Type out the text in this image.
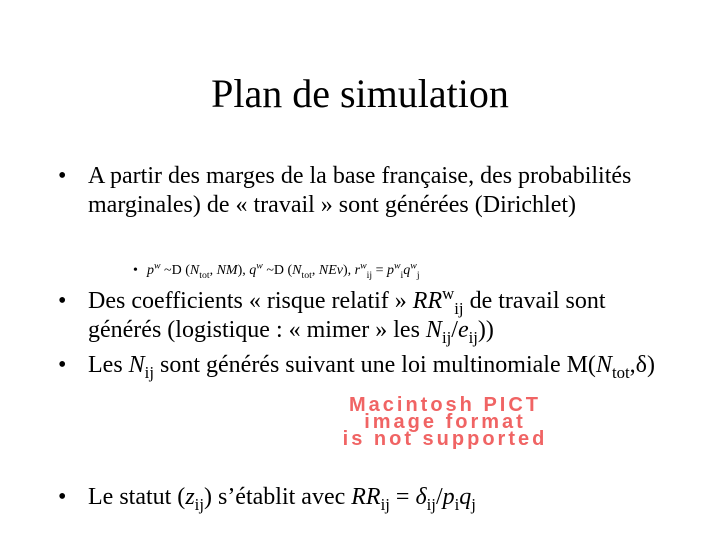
Plan de simulation
• A partir des marges de la base française, des probabilités marginales) de « travail » sont générées (Dirichlet)
• $p^w$ ~D ($N_{tot}$, NM), $q^w$ ~D ($N_{tot}$, NEν), $r^w_{ij} = p^w_iq^w_j$
• Des coefficients « risque relatif » $RR^w_{ij}$ de travail sont générés (logistique : « mimer » les $N_{ij}/e_{ij}$))
• Les $N_{ij}$ sont générés suivant une loi multinomiale $M(N_{tot},\delta)$
Macintosh PICT
image format
is not supported
• Le statut $(z_{ij})$ s’établit avec $RR_{ij} = \delta_{ij}/p_iq_j$
